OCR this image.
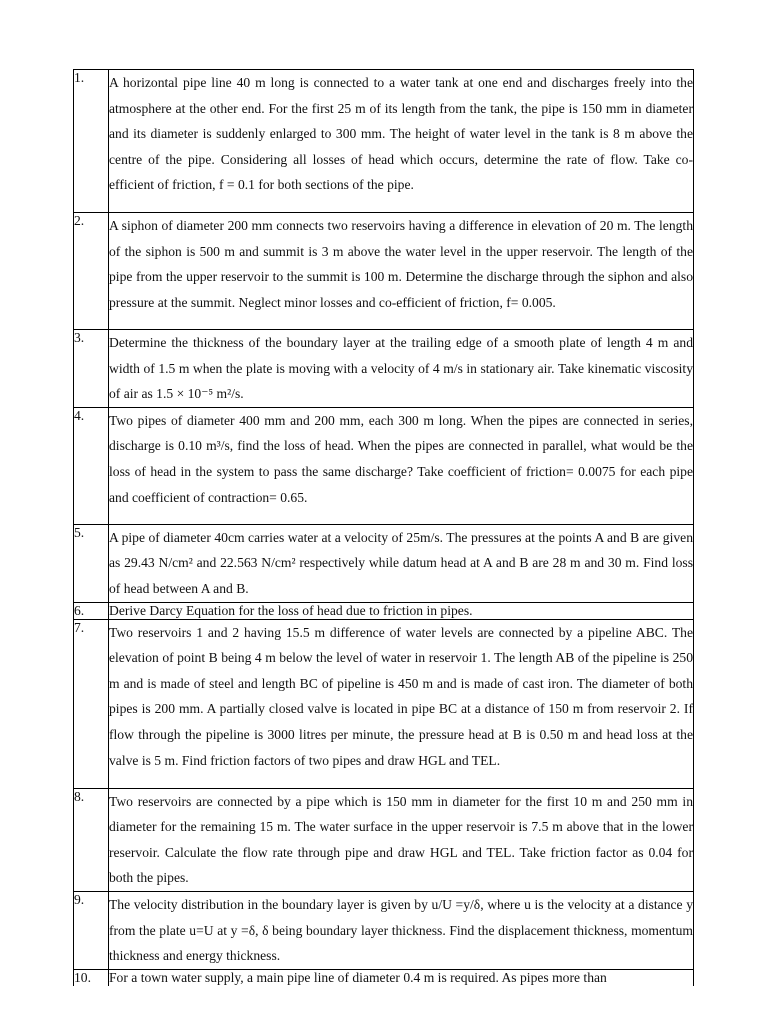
1.	A horizontal pipe line 40 m long is connected to a water tank at one end and discharges freely into the atmosphere at the other end. For the first 25 m of its length from the tank, the pipe is 150 mm in diameter and its diameter is suddenly enlarged to 300 mm. The height of water level in the tank is 8 m above the centre of the pipe. Considering all losses of head which occurs, determine the rate of flow. Take co-efficient of friction, f = 0.1 for both sections of the pipe.

2.	A siphon of diameter 200 mm connects two reservoirs having a difference in elevation of 20 m. The length of the siphon is 500 m and summit is 3 m above the water level in the upper reservoir. The length of the pipe from the upper reservoir to the summit is 100 m. Determine the discharge through the siphon and also pressure at the summit. Neglect minor losses and co-efficient of friction, f= 0.005.

3.	Determine the thickness of the boundary layer at the trailing edge of a smooth plate of length 4 m and width of 1.5 m when the plate is moving with a velocity of 4 m/s in stationary air. Take kinematic viscosity of air as 1.5 × 10⁻⁵ m²/s.

4.	Two pipes of diameter 400 mm and 200 mm, each 300 m long. When the pipes are connected in series, discharge is 0.10 m³/s, find the loss of head. When the pipes are connected in parallel, what would be the loss of head in the system to pass the same discharge? Take coefficient of friction= 0.0075 for each pipe and coefficient of contraction= 0.65.

5.	A pipe of diameter 40cm carries water at a velocity of 25m/s. The pressures at the points A and B are given as 29.43 N/cm² and 22.563 N/cm² respectively while datum head at A and B are 28 m and 30 m. Find loss of head between A and B.

6.	Derive Darcy Equation for the loss of head due to friction in pipes.

7.	Two reservoirs 1 and 2 having 15.5 m difference of water levels are connected by a pipeline ABC. The elevation of point B being 4 m below the level of water in reservoir 1. The length AB of the pipeline is 250 m and is made of steel and length BC of pipeline is 450 m and is made of cast iron. The diameter of both pipes is 200 mm. A partially closed valve is located in pipe BC at a distance of 150 m from reservoir 2. If flow through the pipeline is 3000 litres per minute, the pressure head at B is 0.50 m and head loss at the valve is 5 m. Find friction factors of two pipes and draw HGL and TEL.

8.	Two reservoirs are connected by a pipe which is 150 mm in diameter for the first 10 m and 250 mm in diameter for the remaining 15 m. The water surface in the upper reservoir is 7.5 m above that in the lower reservoir. Calculate the flow rate through pipe and draw HGL and TEL. Take friction factor as 0.04 for both the pipes.

9.	The velocity distribution in the boundary layer is given by u/U =y/δ, where u is the velocity at a distance y from the plate u=U at y =δ, δ being boundary layer thickness. Find the displacement thickness, momentum thickness and energy thickness.

10.	For a town water supply, a main pipe line of diameter 0.4 m is required. As pipes more than
